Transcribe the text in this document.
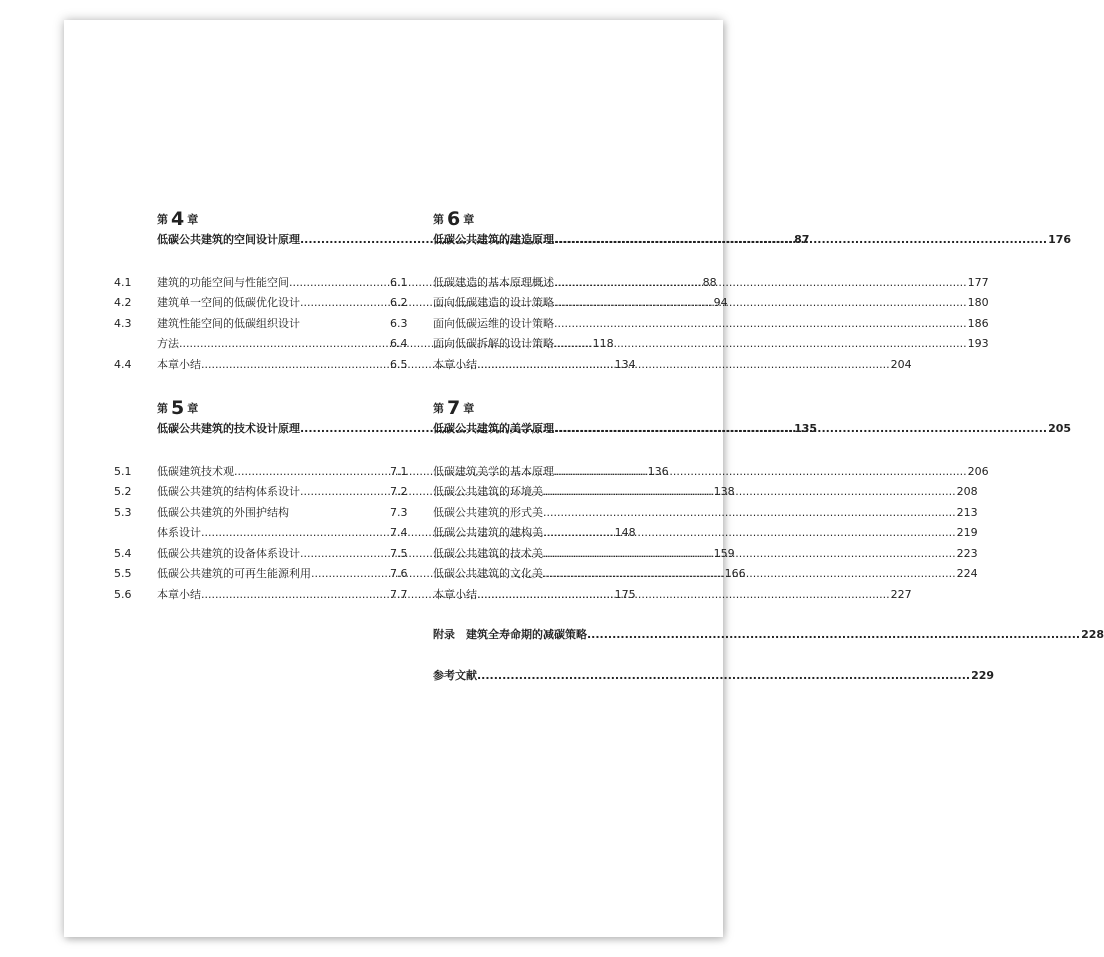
第 4 章
低碳公共建筑的空间设计原理 .....	87
4.1	建筑的功能空间与性能空间 .....	88
4.2	建筑单一空间的低碳优化设计 .....	94
4.3	建筑性能空间的低碳组织设计
方法 .....	118
4.4	本章小结 .....	134
第 5 章
低碳公共建筑的技术设计原理 .....	135
5.1	低碳建筑技术观 .....	136
5.2	低碳公共建筑的结构体系设计 .....	138
5.3	低碳公共建筑的外围护结构
体系设计 .....	148
5.4	低碳公共建筑的设备体系设计 .....	159
5.5	低碳公共建筑的可再生能源利用 .....	166
5.6	本章小结 .....	175
第 6 章
低碳公共建筑的建造原理 .....	176
6.1	低碳建造的基本原理概述 .....	177
6.2	面向低碳建造的设计策略 .....	180
6.3	面向低碳运维的设计策略 .....	186
6.4	面向低碳拆解的设计策略 .....	193
6.5	本章小结 .....	204
第 7 章
低碳公共建筑的美学原理 .....	205
7.1	低碳建筑美学的基本原理 .....	206
7.2	低碳公共建筑的环境美 .....	208
7.3	低碳公共建筑的形式美 .....	213
7.4	低碳公共建筑的建构美 .....	219
7.5	低碳公共建筑的技术美 .....	223
7.6	低碳公共建筑的文化美 .....	224
7.7	本章小结 .....	227
附录　建筑全寿命期的减碳策略 .....	228
参考文献 .....	229
